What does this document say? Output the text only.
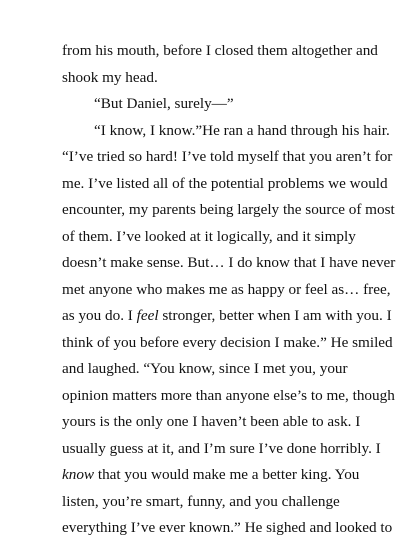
from his mouth, before I closed them altogether and
shook my head.
“But Daniel, surely—”
“I know, I know.”He ran a hand through his hair.
“I’ve tried so hard! I’ve told myself that you aren’t for
me. I’ve listed all of the potential problems we would
encounter, my parents being largely the source of most
of them. I’ve looked at it logically, and it simply
doesn’t make sense. But… I do know that I have never
met anyone who makes me as happy or feel as… free,
as you do. I feel stronger, better when I am with you. I
think of you before every decision I make.” He smiled
and laughed. “You know, since I met you, your
opinion matters more than anyone else’s to me, though
yours is the only one I haven’t been able to ask. I
usually guess at it, and I’m sure I’ve done horribly. I
know that you would make me a better king. You
listen, you’re smart, funny, and you challenge
everything I’ve ever known.” He sighed and looked to
